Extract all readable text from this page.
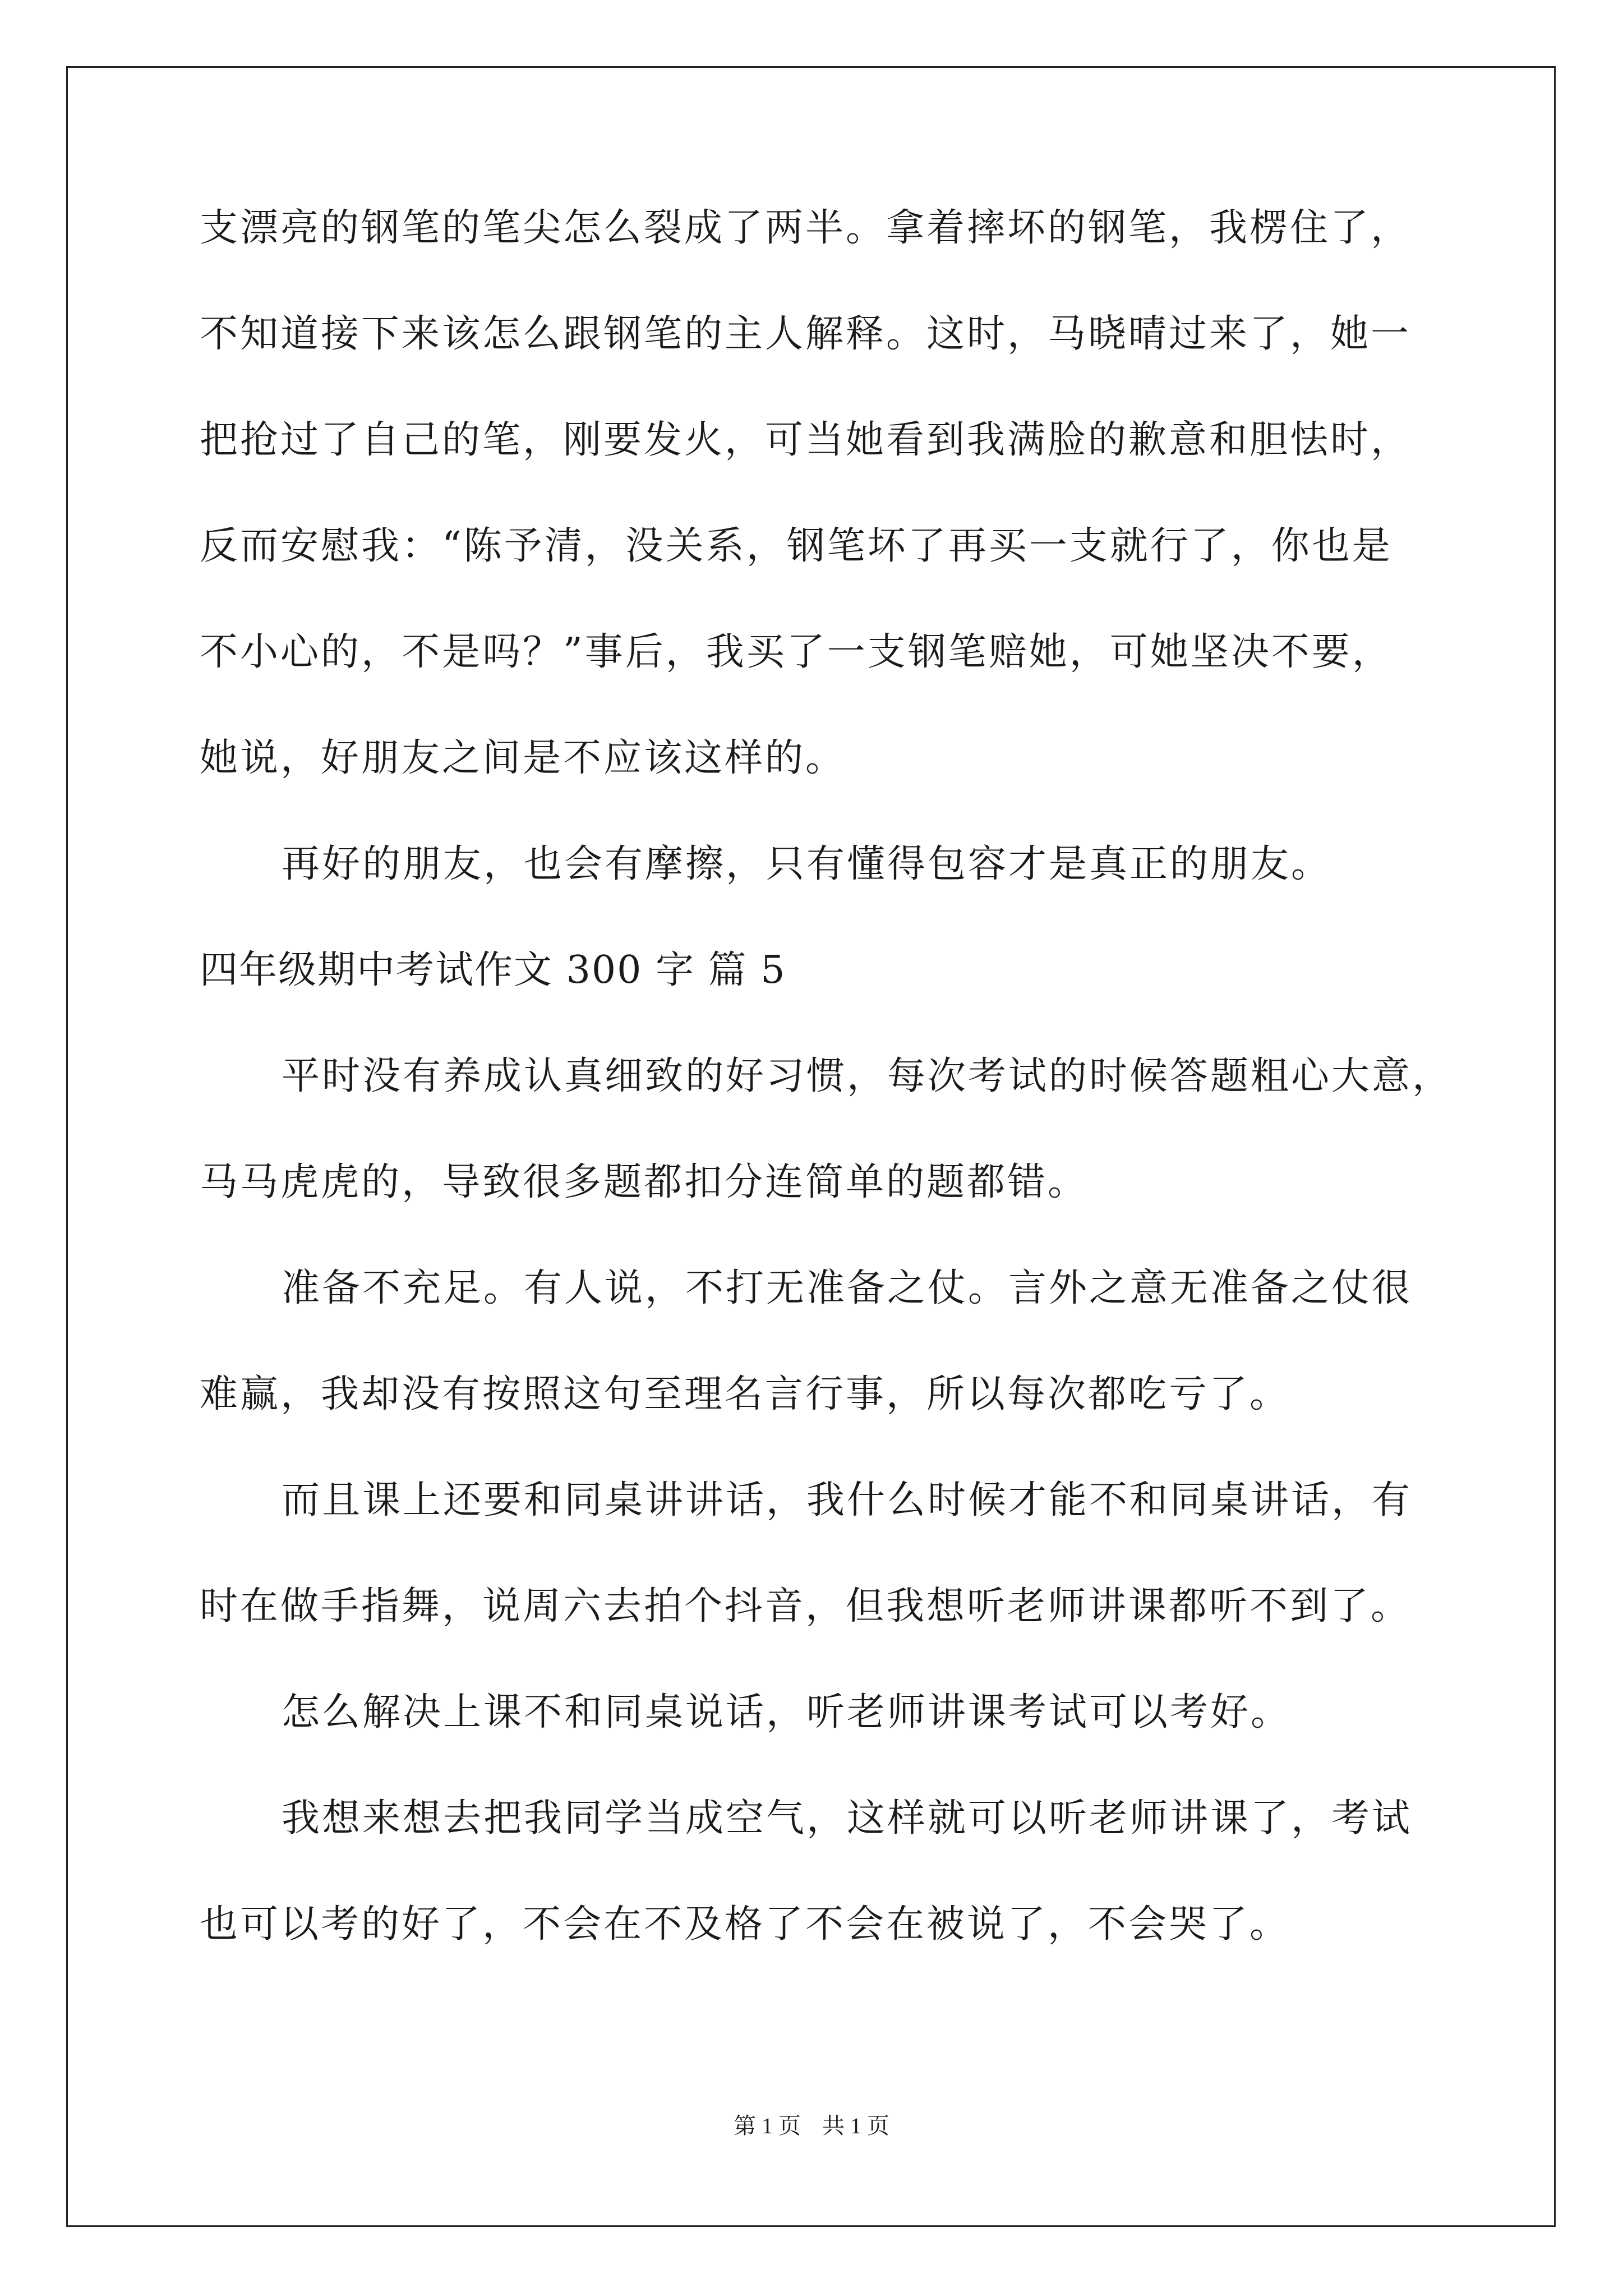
支漂亮的钢笔的笔尖怎么裂成了两半。拿着摔坏的钢笔，我楞住了，
不知道接下来该怎么跟钢笔的主人解释。这时，马晓晴过来了，她一
把抢过了自己的笔，刚要发火，可当她看到我满脸的歉意和胆怯时，
反而安慰我：“陈予清，没关系，钢笔坏了再买一支就行了，你也是
不小心的，不是吗？”事后，我买了一支钢笔赔她，可她坚决不要，
她说，好朋友之间是不应该这样的。
再好的朋友，也会有摩擦，只有懂得包容才是真正的朋友。
四年级期中考试作文 300 字 篇 5
平时没有养成认真细致的好习惯，每次考试的时候答题粗心大意，
马马虎虎的，导致很多题都扣分连简单的题都错。
准备不充足。有人说，不打无准备之仗。言外之意无准备之仗很
难赢，我却没有按照这句至理名言行事，所以每次都吃亏了。
而且课上还要和同桌讲讲话，我什么时候才能不和同桌讲话，有
时在做手指舞，说周六去拍个抖音，但我想听老师讲课都听不到了。
怎么解决上课不和同桌说话，听老师讲课考试可以考好。
我想来想去把我同学当成空气，这样就可以听老师讲课了，考试
也可以考的好了，不会在不及格了不会在被说了，不会哭了。
第 1 页 共 1 页
